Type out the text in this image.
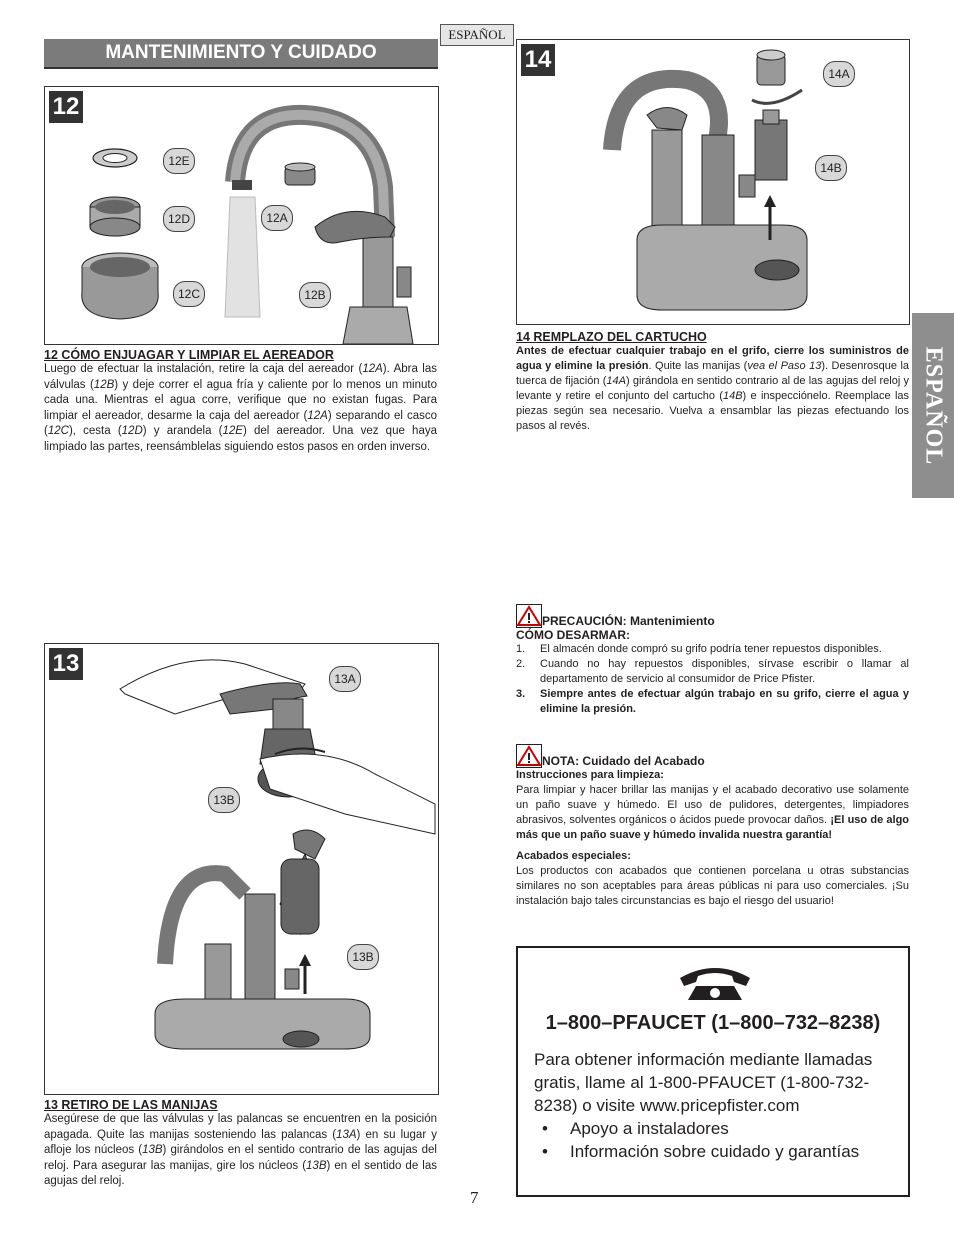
ESPAÑOL
MANTENIMIENTO Y CUIDADO
ESPAÑOL
12
12E
12D
12C
12A
12B
12 CÓMO ENJUAGAR Y LIMPIAR EL AEREADOR
Luego de efectuar la instalación, retire la caja del aereador (12A). Abra las válvulas (12B) y deje correr el agua fría y caliente por lo menos un minuto cada una. Mientras el agua corre, verifique que no existan fugas. Para limpiar el aereador, desarme la caja del aereador (12A) separando el casco (12C), cesta (12D) y arandela (12E) del aereador. Una vez que haya limpiado las partes, reensámblelas siguiendo estos pasos en orden inverso.
13
13A
13B
13B
13 RETIRO DE LAS MANIJAS
Asegúrese de que las válvulas y las palancas se encuentren en la posición apagada. Quite las manijas sosteniendo las palancas (13A) en su lugar y afloje los núcleos (13B) girándolos en el sentido contrario de las agujas del reloj. Para asegurar las manijas, gire los núcleos (13B) en el sentido de las agujas del reloj.
14
14A
14B
14 REMPLAZO DEL CARTUCHO
Antes de efectuar cualquier trabajo en el grifo, cierre los suministros de agua y elimine la presión. Quite las manijas (vea el Paso 13). Desenrosque la tuerca de fijación (14A) girándola en sentido contrario al de las agujas del reloj y levante y retire el conjunto del cartucho (14B) e inspecciónelo. Reemplace las piezas según sea necesario. Vuelva a ensamblar las piezas efectuando los pasos al revés.
PRECAUCIÓN: Mantenimiento
CÓMO DESARMAR:
1.	El almacén donde compró su grifo podría tener repuestos disponibles.
2.	Cuando no hay repuestos disponibles, sírvase escribir o llamar al departamento de servicio al consumidor de Price Pfister.
3.	Siempre antes de efectuar algún trabajo en su grifo, cierre el agua y elimine la presión.
NOTA: Cuidado del Acabado
Instrucciones para limpieza:
Para limpiar y hacer brillar las manijas y el acabado decorativo use solamente un paño suave y húmedo. El uso de pulidores, detergentes, limpiadores abrasivos, solventes orgánicos o ácidos puede provocar daños. ¡El uso de algo más que un paño suave y húmedo invalida nuestra garantía!
Acabados especiales:
Los productos con acabados que contienen porcelana u otras substancias similares no son aceptables para áreas públicas ni para uso comerciales. ¡Su instalación bajo tales circunstancias es bajo el riesgo del usuario!
1–800–PFAUCET (1–800–732–8238)
Para obtener información mediante llamadas gratis, llame al 1-800-PFAUCET (1-800-732-8238) o visite www.pricepfister.com
•	Apoyo a instaladores
•	Información sobre cuidado y garantías
7
